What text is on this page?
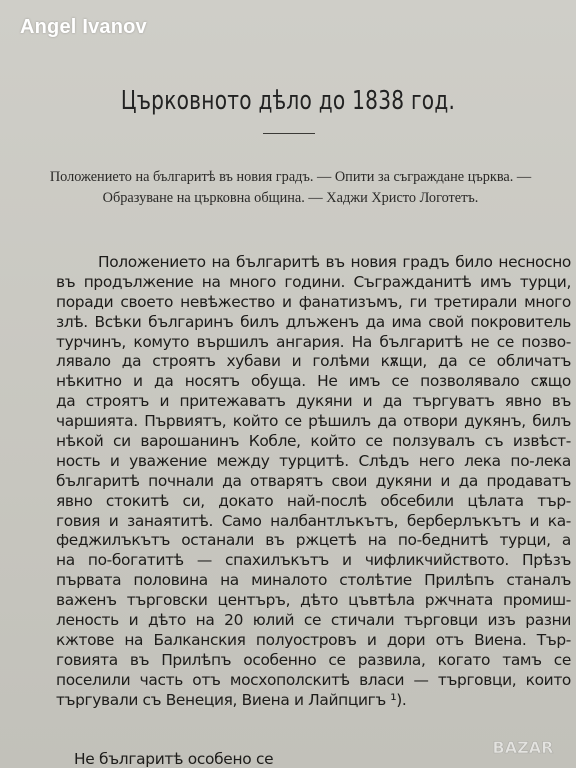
Angel Ivanov
Църковното дѣло до 1838 год.
Положението на българитѣ въ новия градъ. — Опити за съграждане църква. —
Образуване на църковна община. — Хаджи Христо Логотетъ.
Положението на българитѣ въ новия градъ било несносно
въ продължение на много години. Съгражданитѣ имъ турци,
поради своето невѣжество и фанатизъмъ, ги третирали много
злѣ. Всѣки българинъ билъ длъженъ да има свой покровитель
турчинъ, комуто вършилъ ангария. На българитѣ не се позво-
лявало да строятъ хубави и голѣми кѫщи, да се обличатъ
нѣкитно и да носятъ обуща. Не имъ се позволявало сѫщо
да строятъ и притежаватъ дукяни и да търгуватъ явно въ
чаршията. Първиятъ, който се рѣшилъ да отвори дукянъ, билъ
нѣкой си варошанинъ Кобле, който се ползувалъ съ извѣст-
ность и уважение между турцитѣ. Слѣдъ него лека по-лека
българитѣ почнали да отварятъ свои дукяни и да продаватъ
явно стокитѣ си, докато най-послѣ обсебили цѣлата тър-
говия и занаятитѣ. Само налбантлъкътъ, берберлъкътъ и ка-
феджилъкътъ останали въ ржцетѣ на по-беднитѣ турци, а
на по-богатитѣ — спахилъкътъ и чифликчийството. Прѣзъ
първата половина на миналото столѣтие Прилѣпъ станалъ
важенъ търговски центъръ, дѣто цъвтѣла ржчната промиш-
леность и дѣто на 20 юлий се стичали търговци изъ разни
кжтове на Балканския полуостровъ и дори отъ Виена. Тър-
говията въ Прилѣпъ особенно се развила, когато тамъ се
поселили часть отъ мосхополскитѣ власи — търговци, които
търгували съ Венеция, Виена и Лайпцигъ ¹).
Не българитѣ особено се
BAZAR
